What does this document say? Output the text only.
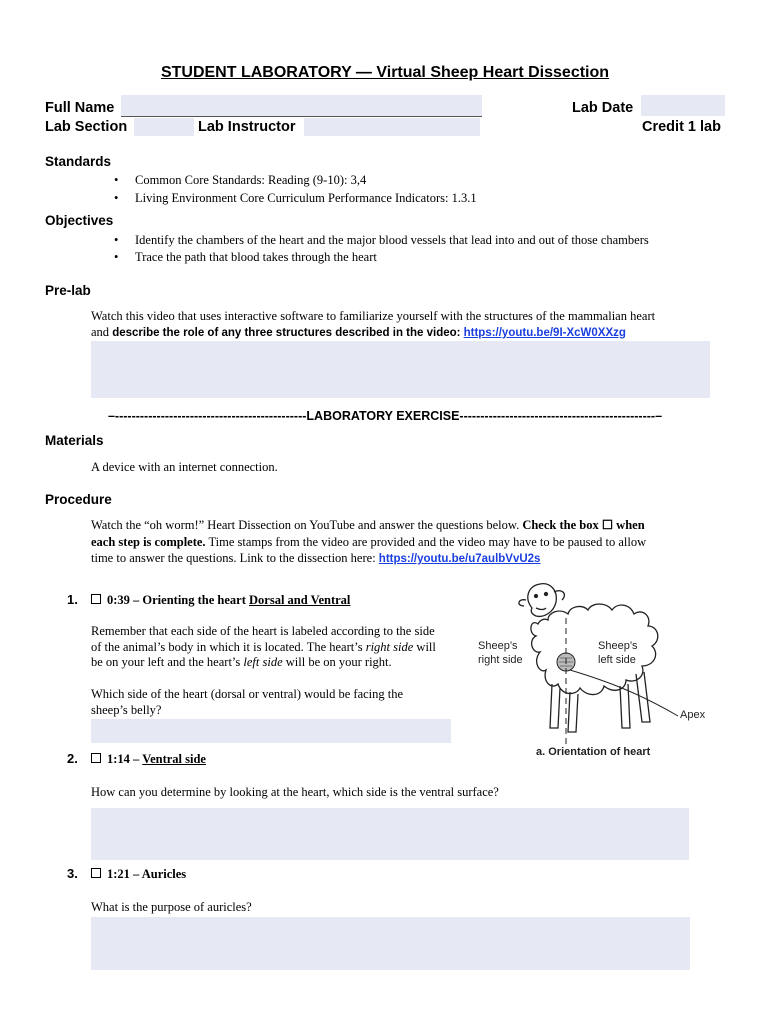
STUDENT LABORATORY — Virtual Sheep Heart Dissection
Full Name	Lab Date
Lab Section	Lab Instructor	Credit 1 lab
Standards
• Common Core Standards: Reading (9-10): 3,4
• Living Environment Core Curriculum Performance Indicators: 1.3.1
Objectives
• Identify the chambers of the heart and the major blood vessels that lead into and out of those chambers
• Trace the path that blood takes through the heart
Pre-lab
Watch this video that uses interactive software to familiarize yourself with the structures of the mammalian heart
and describe the role of any three structures described in the video: https://youtu.be/9I-XcW0XXzg
–----------------------------------------------LABORATORY EXERCISE-----------------------------------------------–
Materials
A device with an internet connection.
Procedure
Watch the “oh worm!” Heart Dissection on YouTube and answer the questions below. Check the box ☐ when
each step is complete. Time stamps from the video are provided and the video may have to be paused to allow
time to answer the questions. Link to the dissection here: https://youtu.be/u7aulbVvU2s
Sheep’s
right side
Sheep’s
left side
Apex
a. Orientation of heart
1.	0:39 – Orienting the heart Dorsal and Ventral
Remember that each side of the heart is labeled according to the side
of the animal’s body in which it is located. The heart’s right side will
be on your left and the heart’s left side will be on your right.
Which side of the heart (dorsal or ventral) would be facing the
sheep’s belly?
2.	1:14 – Ventral side
How can you determine by looking at the heart, which side is the ventral surface?
3.	1:21 – Auricles
What is the purpose of auricles?
